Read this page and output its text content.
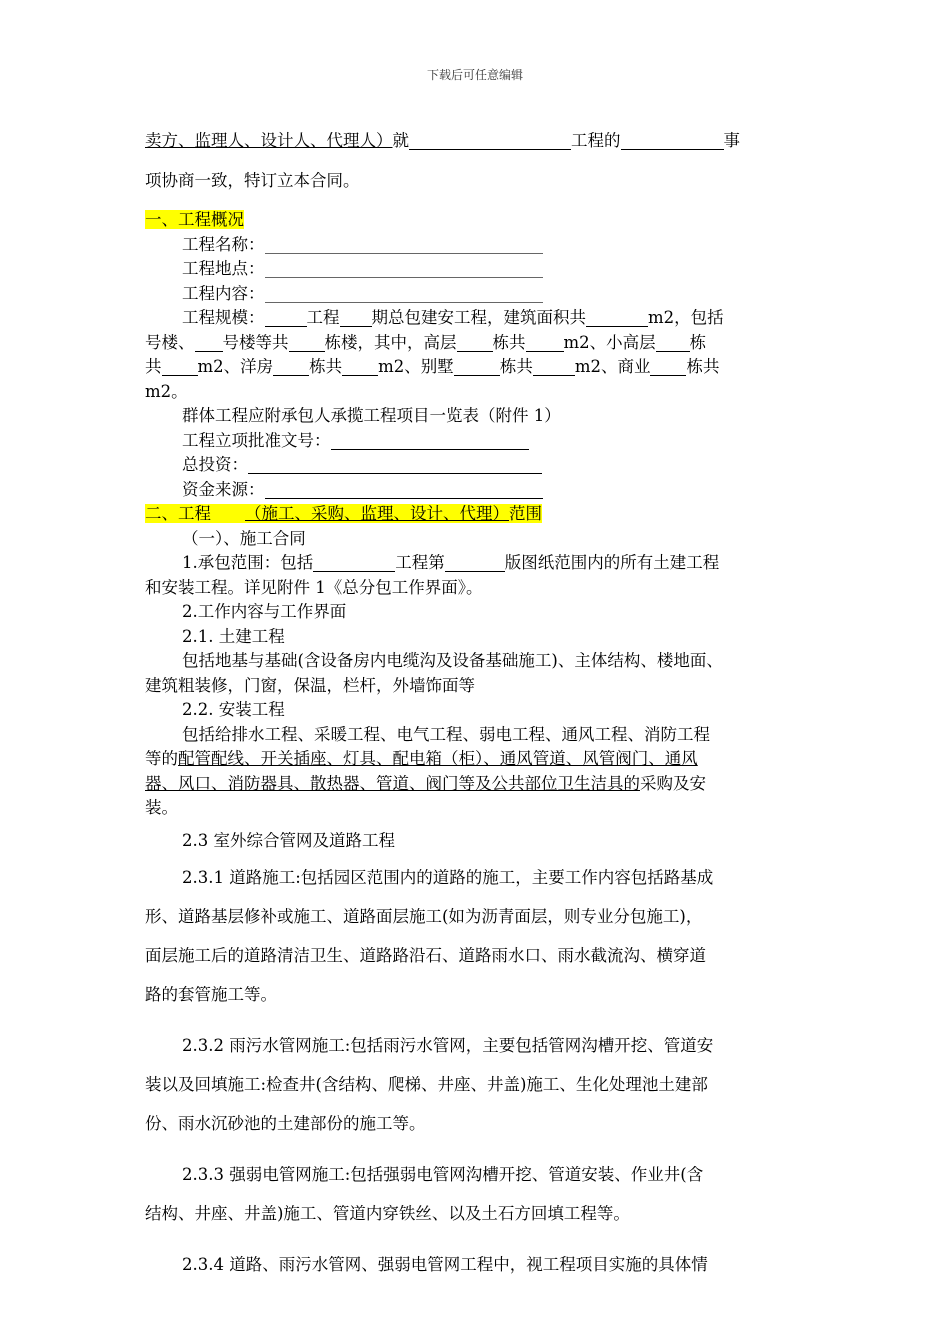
下载后可任意编辑
卖方、监理人、设计人、代理人）就	工程的	事
项协商一致，特订立本合同。
一、工程概况
工程名称：
工程地点：
工程内容：
工程规模：	工程 期总包建安工程，建筑面积共	m2，包括
号楼、 号楼等共 栋楼，其中，高层 栋共 m2、小高层 栋
共 m2、洋房 栋共 m2、别墅	栋共	m2、商业 栋共
m2。
群体工程应附承包人承揽工程项目一览表（附件 1）
工程立项批准文号：
总投资：
资金来源：
二、工程 （施工、采购、监理、设计、代理）范围
（一）、施工合同
1.承包范围：包括	工程第	版图纸范围内的所有土建工程
和安装工程。详见附件 1《总分包工作界面》。
2.工作内容与工作界面
2.1. 土建工程
包括地基与基础(含设备房内电缆沟及设备基础施工)、主体结构、楼地面、
建筑粗装修，门窗，保温，栏杆，外墙饰面等
2.2. 安装工程
包括给排水工程、采暖工程、电气工程、弱电工程、通风工程、消防工程
等的配管配线、开关插座、灯具、配电箱（柜）、通风管道、风管阀门、通风
器、风口、消防器具、散热器、管道、阀门等及公共部位卫生洁具的采购及安
装。
2.3 室外综合管网及道路工程
2.3.1 道路施工:包括园区范围内的道路的施工，主要工作内容包括路基成
形、道路基层修补或施工、道路面层施工(如为沥青面层，则专业分包施工)，
面层施工后的道路清洁卫生、道路路沿石、道路雨水口、雨水截流沟、横穿道
路的套管施工等。
2.3.2 雨污水管网施工:包括雨污水管网，主要包括管网沟槽开挖、管道安
装以及回填施工:检查井(含结构、爬梯、井座、井盖)施工、生化处理池土建部
份、雨水沉砂池的土建部份的施工等。
2.3.3 强弱电管网施工:包括强弱电管网沟槽开挖、管道安装、作业井(含
结构、井座、井盖)施工、管道内穿铁丝、以及土石方回填工程等。
2.3.4 道路、雨污水管网、强弱电管网工程中，视工程项目实施的具体情
